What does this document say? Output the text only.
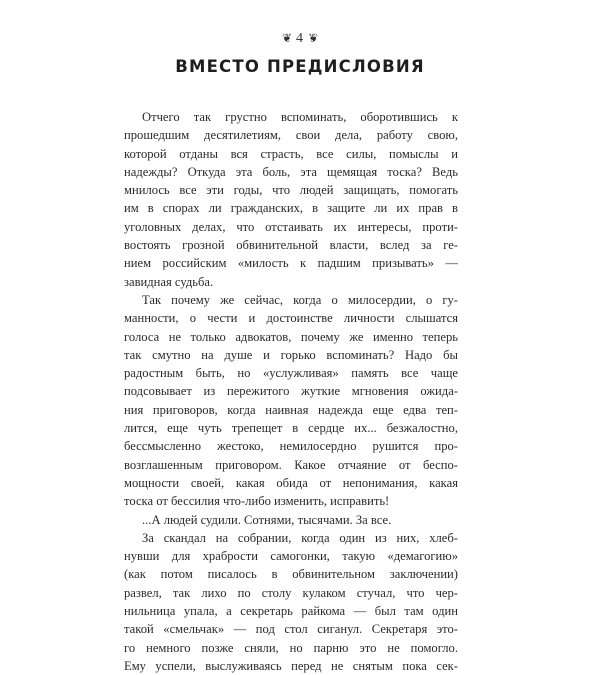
❦ 4 ❦
ВМЕСТО ПРЕДИСЛОВИЯ
Отчего так грустно вспоминать, оборотившись к
прошедшим десятилетиям, свои дела, работу свою,
которой отданы вся страсть, все силы, помыслы и
надежды? Откуда эта боль, эта щемящая тоска? Ведь
мнилось все эти годы, что людей защищать, помогать
им в спорах ли гражданских, в защите ли их прав в
уголовных делах, что отстаивать их интересы, проти-
востоять грозной обвинительной власти, вслед за ге-
нием российским «милость к падшим призывать» —
завидная судьба.
Так почему же сейчас, когда о милосердии, о гу-
манности, о чести и достоинстве личности слышатся
голоса не только адвокатов, почему же именно теперь
так смутно на душе и горько вспоминать? Надо бы
радостным быть, но «услужливая» память все чаще
подсовывает из пережитого жуткие мгновения ожида-
ния приговоров, когда наивная надежда еще едва теп-
лится, еще чуть трепещет в сердце их... безжалостно,
бессмысленно жестоко, немилосердно рушится про-
возглашенным приговором. Какое отчаяние от беспо-
мощности своей, какая обида от непонимания, какая
тоска от бессилия что-либо изменить, исправить!
...А людей судили. Сотнями, тысячами. За все.
За скандал на собрании, когда один из них, хлеб-
нувши для храбрости самогонки, такую «демагогию»
(как потом писалось в обвинительном заключении)
развел, так лихо по столу кулаком стучал, что чер-
нильница упала, а секретарь райкома — был там один
такой «смельчак» — под стол сиганул. Секретаря это-
го немного позже сняли, но парню это не помогло.
Ему успели, выслуживаясь перед не снятым пока сек-
